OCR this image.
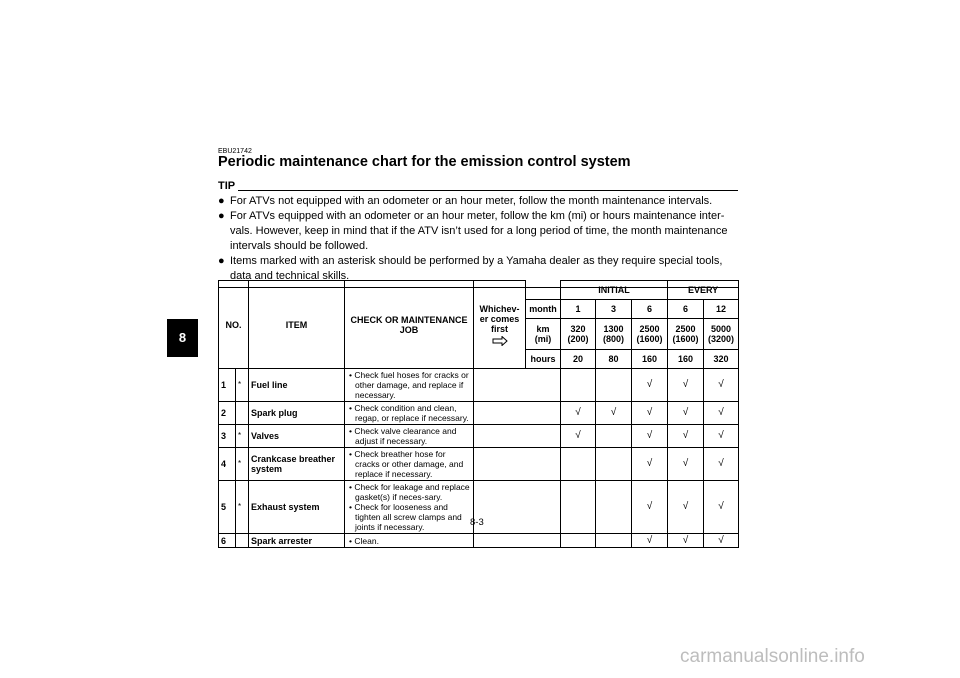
8
EBU21742
Periodic maintenance chart for the emission control system
TIP
● For ATVs not equipped with an odometer or an hour meter, follow the month maintenance intervals.
● For ATVs equipped with an odometer or an hour meter, follow the km (mi) or hours maintenance inter-vals. However, keep in mind that if the ATV isn’t used for a long period of time, the month maintenance intervals should be followed.
● Items marked with an asterisk should be performed by a Yamaha dealer as they require special tools, data and technical skills.
NO.		ITEM	CHECK OR MAINTENANCE JOB	Whichev-er comes first		INITIAL			EVERY	
					month	1	3	6	6	12
					km (mi)	320 (200)	1300 (800)	2500 (1600)	2500 (1600)	5000 (3200)
					hours	20	80	160	160	320
1	*	Fuel line	• Check fuel hoses for cracks or other damage, and replace if necessary.					√	√	√
2		Spark plug	• Check condition and clean, regap, or replace if necessary.			√	√	√	√	√
3	*	Valves	• Check valve clearance and adjust if necessary.			√		√	√	√
4	*	Crankcase breather system	• Check breather hose for cracks or other damage, and replace if necessary.					√	√	√
5	*	Exhaust system	• Check for leakage and replace gasket(s) if neces-sary.
• Check for looseness and tighten all screw clamps and joints if necessary.					√	√	√
6		Spark arrester	• Clean.					√	√	√
8-3
carmanualsonline.info
